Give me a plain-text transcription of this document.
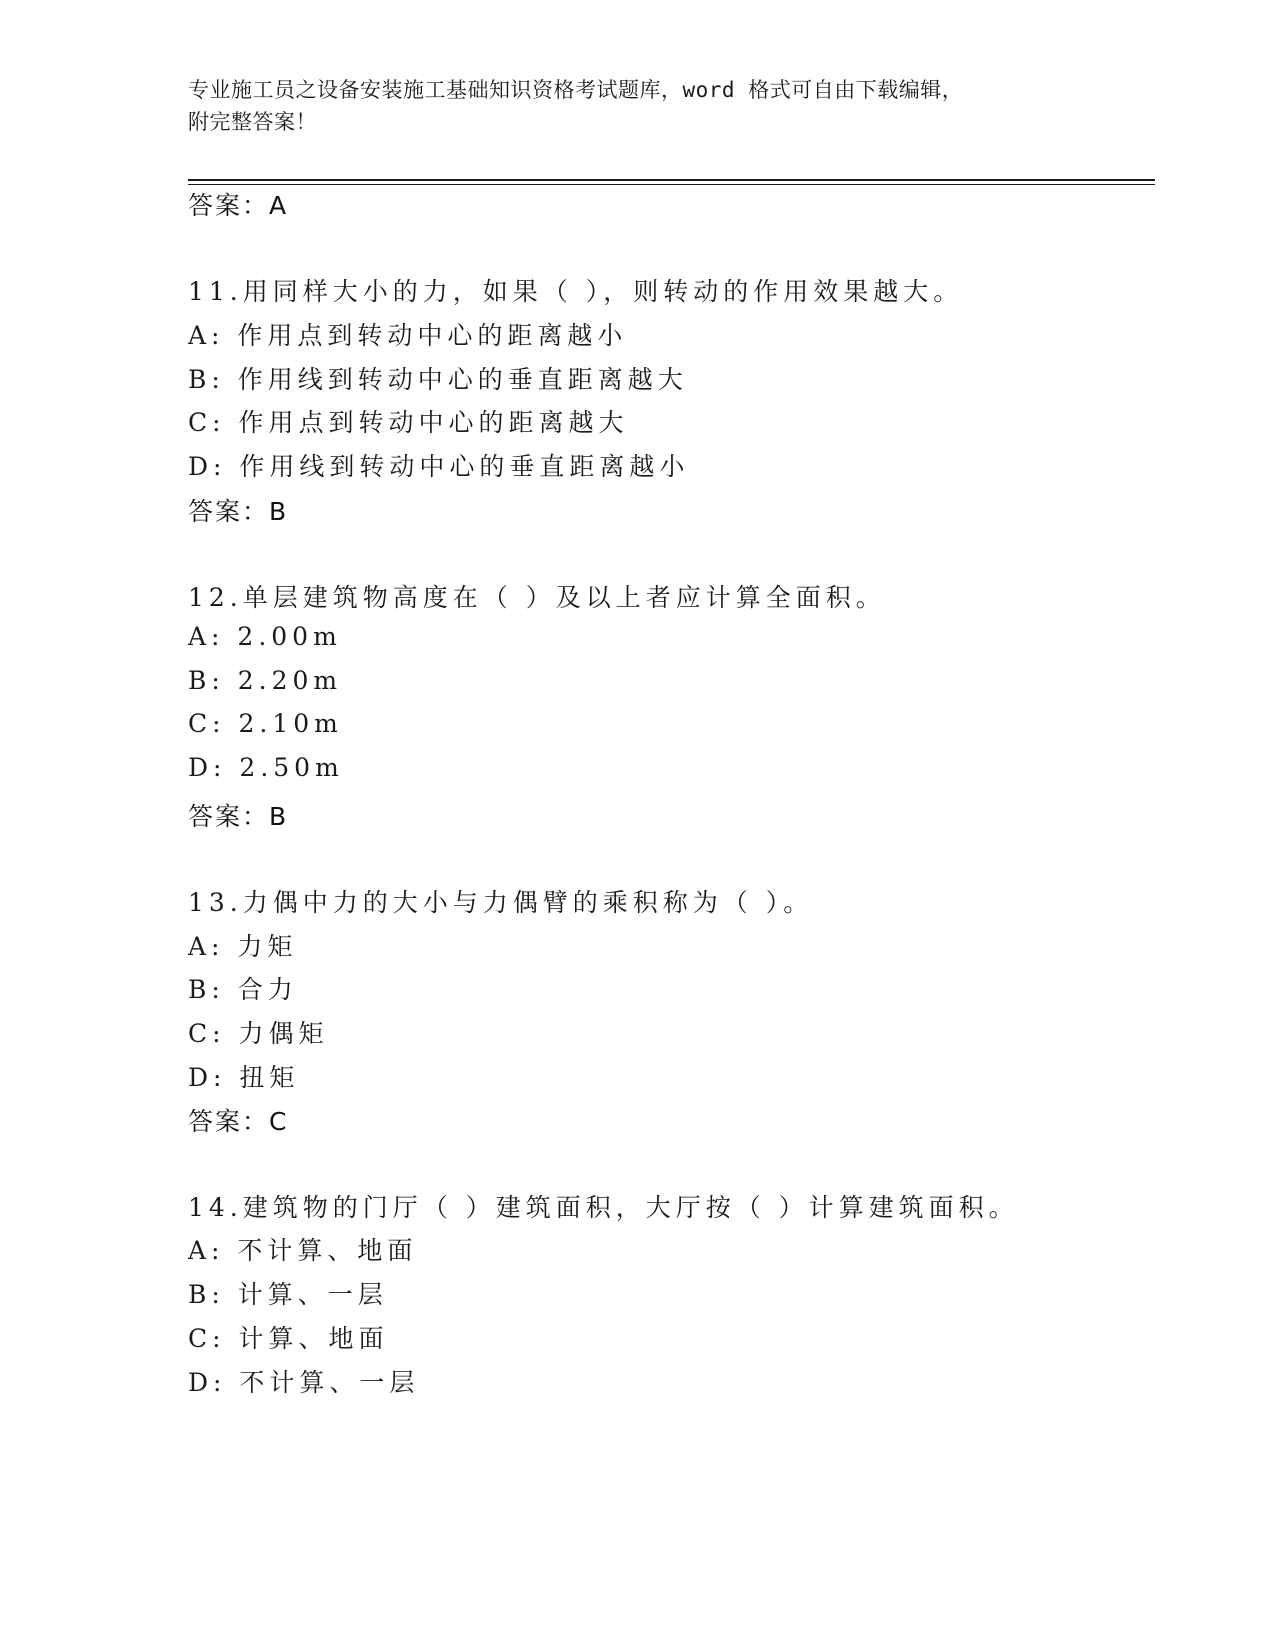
专业施工员之设备安装施工基础知识资格考试题库，word 格式可自由下载编辑，
附完整答案！
答案：A
11.用同样大小的力，如果（ ），则转动的作用效果越大。
A: 作用点到转动中心的距离越小
B: 作用线到转动中心的垂直距离越大
C: 作用点到转动中心的距离越大
D: 作用线到转动中心的垂直距离越小
答案：B
12.单层建筑物高度在（ ）及以上者应计算全面积。
A: 2.00m
B: 2.20m
C: 2.10m
D: 2.50m
答案：B
13.力偶中力的大小与力偶臂的乘积称为（ ）。
A: 力矩
B: 合力
C: 力偶矩
D: 扭矩
答案：C
14.建筑物的门厅（ ）建筑面积，大厅按（ ）计算建筑面积。
A: 不计算、地面
B: 计算、一层
C: 计算、地面
D: 不计算、一层
